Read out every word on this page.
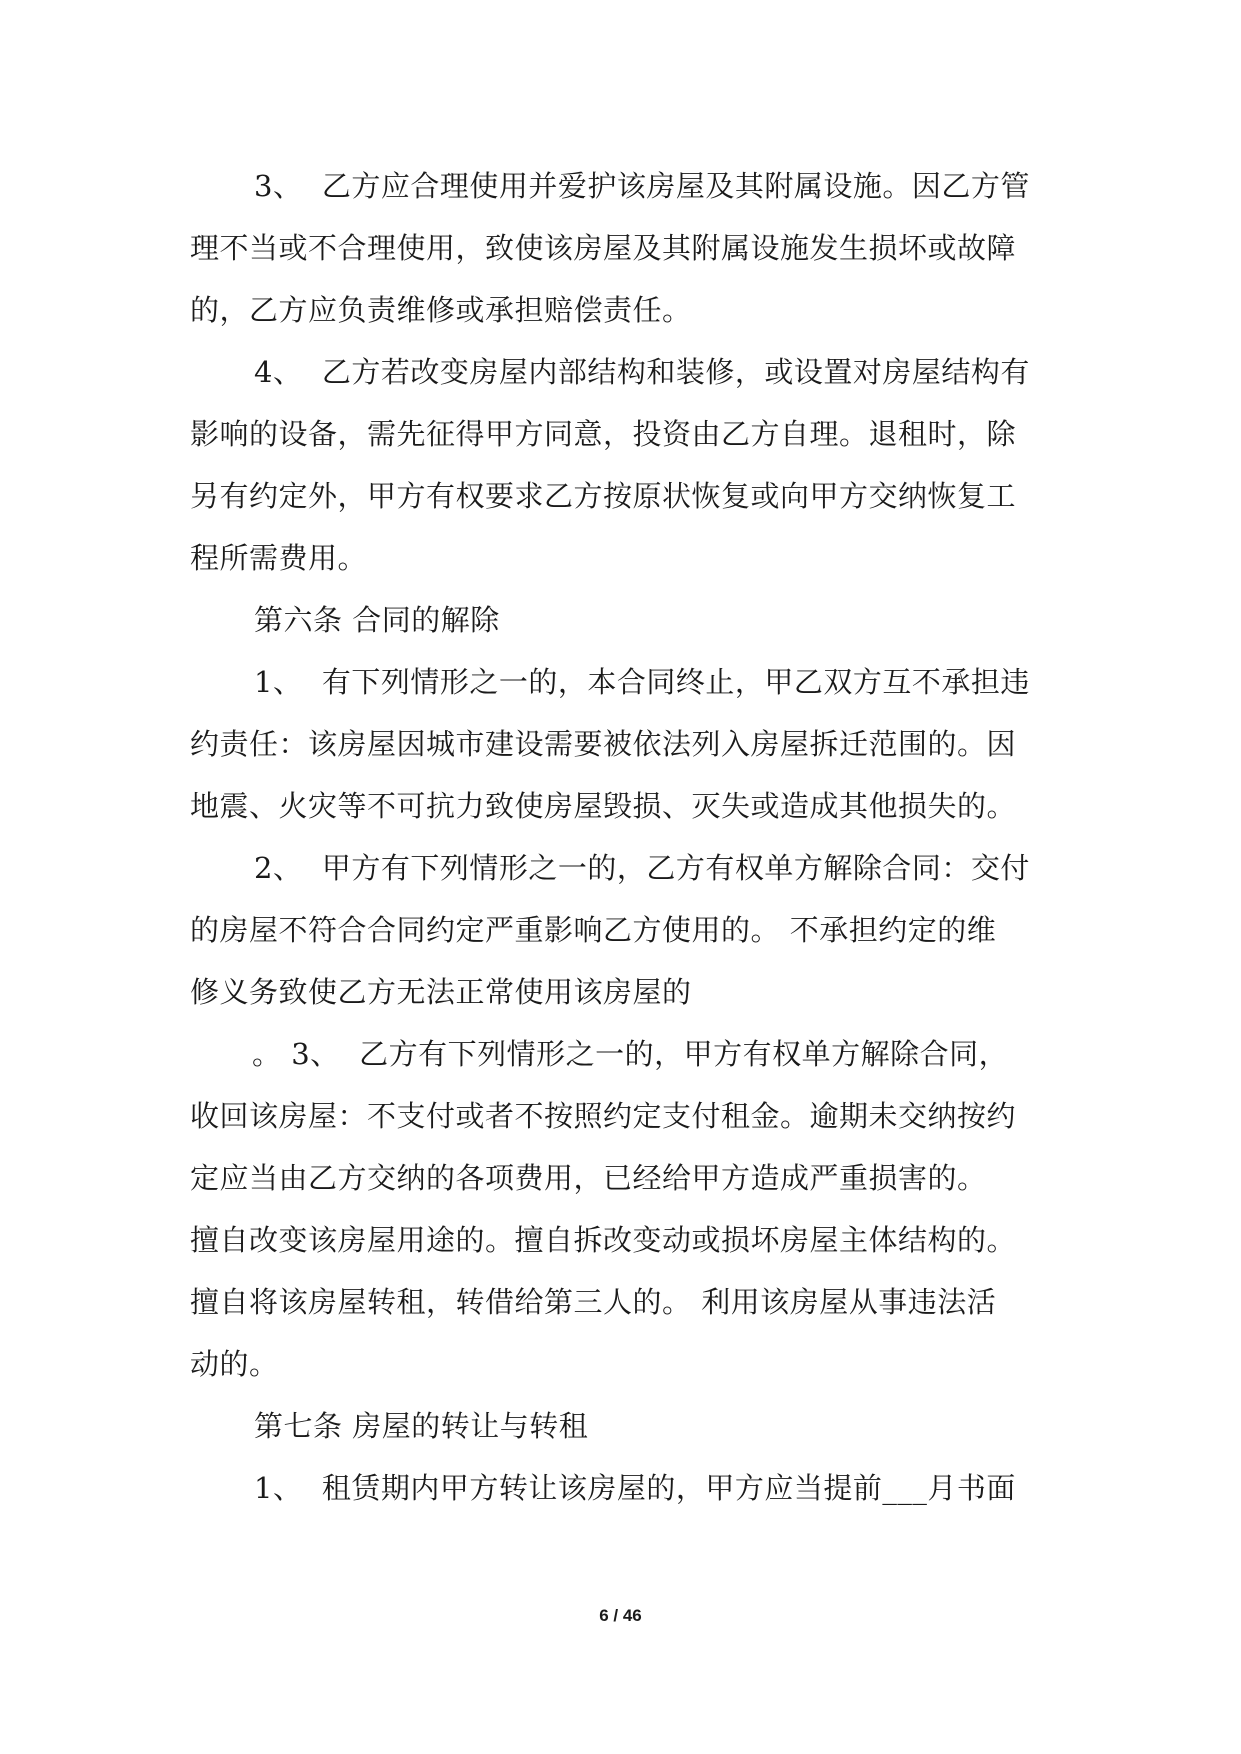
3、  乙方应合理使用并爱护该房屋及其附属设施。因乙方管
理不当或不合理使用，致使该房屋及其附属设施发生损坏或故障
的，乙方应负责维修或承担赔偿责任。
4、  乙方若改变房屋内部结构和装修，或设置对房屋结构有
影响的设备，需先征得甲方同意，投资由乙方自理。退租时，除
另有约定外，甲方有权要求乙方按原状恢复或向甲方交纳恢复工
程所需费用。
第六条 合同的解除
1、  有下列情形之一的，本合同终止，甲乙双方互不承担违
约责任：该房屋因城市建设需要被依法列入房屋拆迁范围的。因
地震、火灾等不可抗力致使房屋毁损、灭失或造成其他损失的。
2、  甲方有下列情形之一的，乙方有权单方解除合同：交付
的房屋不符合合同约定严重影响乙方使用的。 不承担约定的维
修义务致使乙方无法正常使用该房屋的
。 3、  乙方有下列情形之一的，甲方有权单方解除合同，
收回该房屋：不支付或者不按照约定支付租金。逾期未交纳按约
定应当由乙方交纳的各项费用，已经给甲方造成严重损害的。
擅自改变该房屋用途的。擅自拆改变动或损坏房屋主体结构的。
擅自将该房屋转租，转借给第三人的。 利用该房屋从事违法活
动的。
第七条 房屋的转让与转租
1、  租赁期内甲方转让该房屋的，甲方应当提前___月书面
6 / 46
